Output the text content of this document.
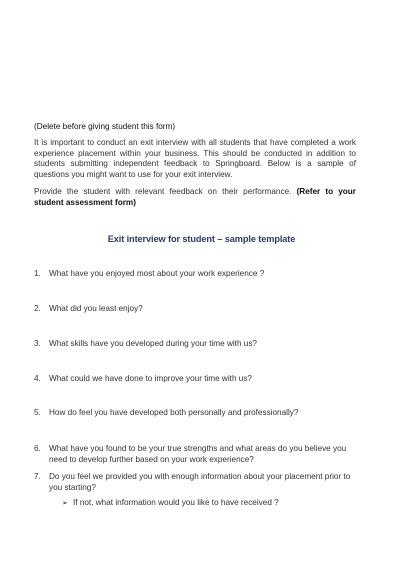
(Delete before giving student this form)

It is important to conduct an exit interview with all students that have completed a work experience placement within your business. This should be conducted in addition to students submitting independent feedback to Springboard. Below is a sample of questions you might want to use for your exit interview.

Provide the student with relevant feedback on their performance. (Refer to your student assessment form)

Exit interview for student – sample template
1. What have you enjoyed most about your work experience ?
2. What did you least enjoy?
3. What skills have you developed during your time with us?
4. What could we have done to improve your time with us?
5. How do feel you have developed both personally and professionally?
6. What have you found to be your true strengths and what areas do you believe you need to develop further based on your work experience?
7. Do you feel we provided you with enough information about your placement prior to you starting?
➢ If not, what information would you like to have received ?
